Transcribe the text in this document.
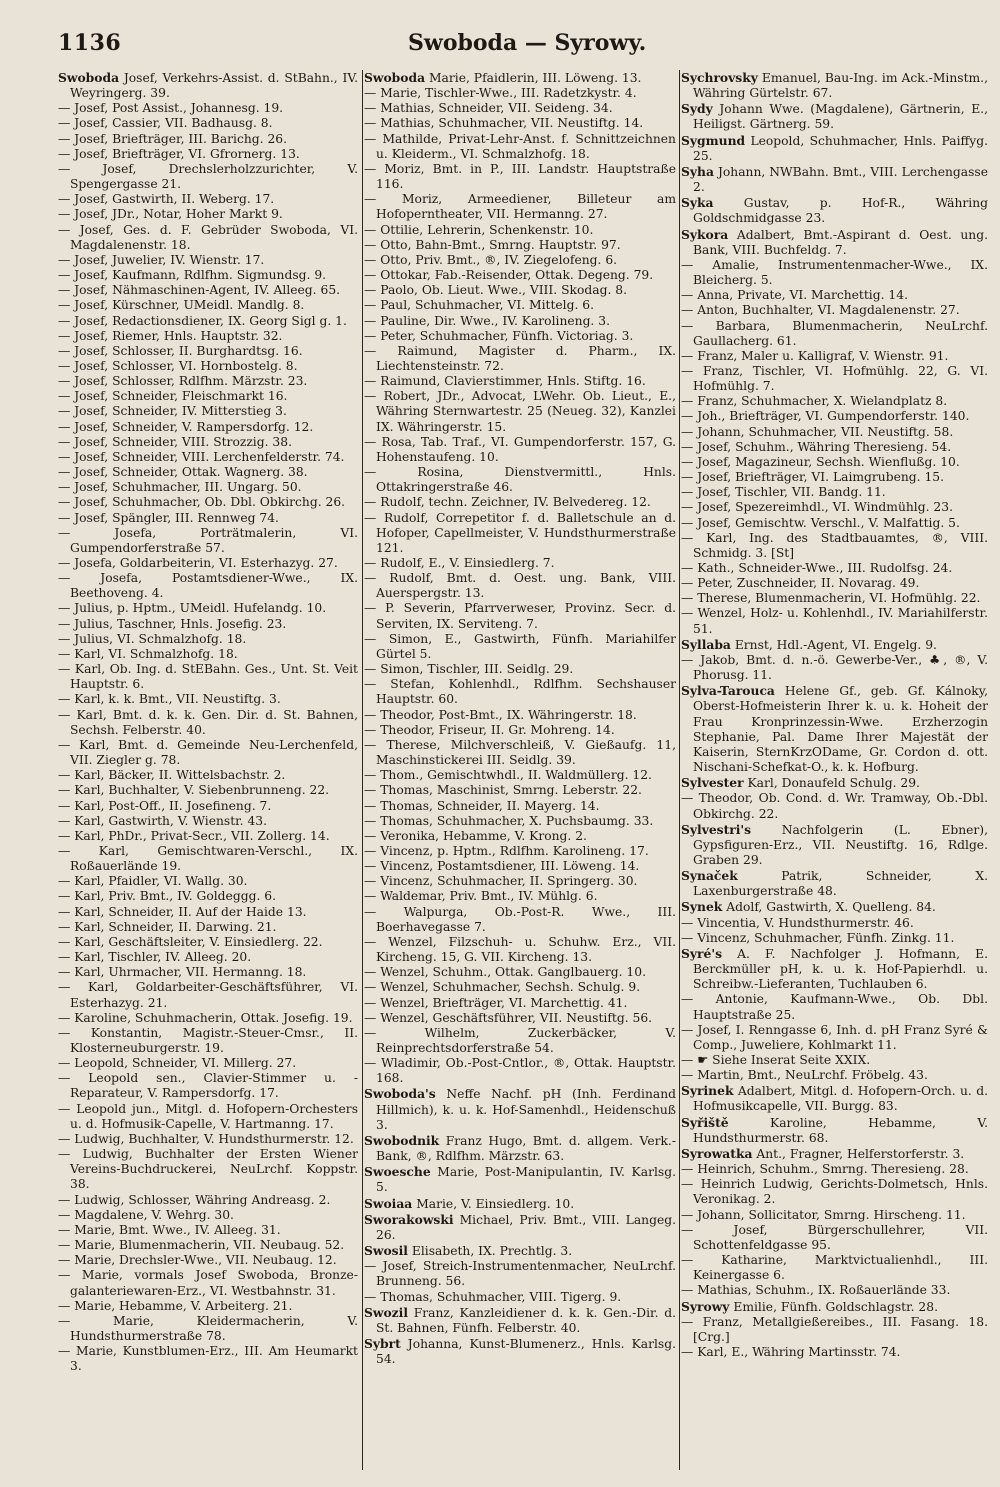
1136	Swoboda — Syrowy.

Swoboda Josef, Verkehrs-Assist. d. StBahn., IV. Weyringerg. 39.

— Josef, Post Assist., Johannesg. 19.

— Josef, Cassier, VII. Badhausg. 8.

— Josef, Briefträger, III. Barichg. 26.

— Josef, Briefträger, VI. Gfrornerg. 13.

— Josef, Drechslerholzzurichter, V. Spengergasse 21.

— Josef, Gastwirth, II. Weberg. 17.

— Josef, JDr., Notar, Hoher Markt 9.

— Josef, Ges. d. F. Gebrüder Swoboda, VI. Magdalenenstr. 18.

— Josef, Juwelier, IV. Wienstr. 17.

— Josef, Kaufmann, Rdlfhm. Sigmundsg. 9.

— Josef, Nähmaschinen-Agent, IV. Alleeg. 65.

— Josef, Kürschner, UMeidl. Mandlg. 8.

— Josef, Redactionsdiener, IX. Georg Sigl g. 1.

— Josef, Riemer, Hnls. Hauptstr. 32.

— Josef, Schlosser, II. Burghardtsg. 16.

— Josef, Schlosser, VI. Hornbostelg. 8.

— Josef, Schlosser, Rdlfhm. Märzstr. 23.

— Josef, Schneider, Fleischmarkt 16.

— Josef, Schneider, IV. Mitterstieg 3.

— Josef, Schneider, V. Rampersdorfg. 12.

— Josef, Schneider, VIII. Strozzig. 38.

— Josef, Schneider, VIII. Lerchenfelderstr. 74.

— Josef, Schneider, Ottak. Wagnerg. 38.

— Josef, Schuhmacher, III. Ungarg. 50.

— Josef, Schuhmacher, Ob. Dbl. Obkirchg. 26.

— Josef, Spängler, III. Rennweg 74.

— Josefa, Porträtmalerin, VI. Gumpendorferstraße 57.

— Josefa, Goldarbeiterin, VI. Esterhazyg. 27.

— Josefa, Postamtsdiener-Wwe., IX. Beethoveng. 4.

— Julius, p. Hptm., UMeidl. Hufelandg. 10.

— Julius, Taschner, Hnls. Josefig. 23.

— Julius, VI. Schmalzhofg. 18.

— Karl, VI. Schmalzhofg. 18.

— Karl, Ob. Ing. d. StEBahn. Ges., Unt. St. Veit Hauptstr. 6.

— Karl, k. k. Bmt., VII. Neustiftg. 3.

— Karl, Bmt. d. k. k. Gen. Dir. d. St. Bahnen, Sechsh. Felberstr. 40.

— Karl, Bmt. d. Gemeinde Neu-Lerchenfeld, VII. Ziegler g. 78.

— Karl, Bäcker, II. Wittelsbachstr. 2.

— Karl, Buchhalter, V. Siebenbrunneng. 22.

— Karl, Post-Off., II. Josefineng. 7.

— Karl, Gastwirth, V. Wienstr. 43.

— Karl, PhDr., Privat-Secr., VII. Zollerg. 14.

— Karl, Gemischtwaren-Verschl., IX. Roßauerlände 19.

— Karl, Pfaidler, VI. Wallg. 30.

— Karl, Priv. Bmt., IV. Goldeggg. 6.

— Karl, Schneider, II. Auf der Haide 13.

— Karl, Schneider, II. Darwing. 21.

— Karl, Geschäftsleiter, V. Einsiedlerg. 22.

— Karl, Tischler, IV. Alleeg. 20.

— Karl, Uhrmacher, VII. Hermanng. 18.

— Karl, Goldarbeiter-Geschäftsführer, VI. Esterhazyg. 21.

— Karoline, Schuhmacherin, Ottak. Josefig. 19.

— Konstantin, Magistr.-Steuer-Cmsr., II. Klosterneuburgerstr. 19.

— Leopold, Schneider, VI. Millerg. 27.

— Leopold sen., Clavier-Stimmer u. -Reparateur, V. Rampersdorfg. 17.

— Leopold jun., Mitgl. d. Hofopern-Orchesters u. d. Hofmusik-Capelle, V. Hartmanng. 17.

— Ludwig, Buchhalter, V. Hundsthurmerstr. 12.

— Ludwig, Buchhalter der Ersten Wiener Vereins-Buchdruckerei, NeuLrchf. Koppstr. 38.

— Ludwig, Schlosser, Währing Andreasg. 2.

— Magdalene, V. Wehrg. 30.

— Marie, Bmt. Wwe., IV. Alleeg. 31.

— Marie, Blumenmacherin, VII. Neubaug. 52.

— Marie, Drechsler-Wwe., VII. Neubaug. 12.

— Marie, vormals Josef Swoboda, Bronze-galanteriewaren-Erz., VI. Westbahnstr. 31.

— Marie, Hebamme, V. Arbeiterg. 21.

— Marie, Kleidermacherin, V. Hundsthurmerstraße 78.

— Marie, Kunstblumen-Erz., III. Am Heumarkt 3.

Swoboda Marie, Pfaidlerin, III. Löweng. 13.

— Marie, Tischler-Wwe., III. Radetzkystr. 4.

— Mathias, Schneider, VII. Seideng. 34.

— Mathias, Schuhmacher, VII. Neustiftg. 14.

— Mathilde, Privat-Lehr-Anst. f. Schnittzeichnen u. Kleiderm., VI. Schmalzhofg. 18.

— Moriz, Bmt. in P., III. Landstr. Hauptstraße 116.

— Moriz, Armeediener, Billeteur am Hofoperntheater, VII. Hermanng. 27.

— Ottilie, Lehrerin, Schenkenstr. 10.

— Otto, Bahn-Bmt., Smrng. Hauptstr. 97.

— Otto, Priv. Bmt., ®, IV. Ziegelofeng. 6.

— Ottokar, Fab.-Reisender, Ottak. Degeng. 79.

— Paolo, Ob. Lieut. Wwe., VIII. Skodag. 8.

— Paul, Schuhmacher, VI. Mittelg. 6.

— Pauline, Dir. Wwe., IV. Karolineng. 3.

— Peter, Schuhmacher, Fünfh. Victoriag. 3.

— Raimund, Magister d. Pharm., IX. Liechtensteinstr. 72.

— Raimund, Clavierstimmer, Hnls. Stiftg. 16.

— Robert, JDr., Advocat, LWehr. Ob. Lieut., E., Währing Sternwartestr. 25 (Neueg. 32), Kanzlei IX. Währingerstr. 15.

— Rosa, Tab. Traf., VI. Gumpendorferstr. 157, G. Hohenstaufeng. 10.

— Rosina, Dienstvermittl., Hnls. Ottakringerstraße 46.

— Rudolf, techn. Zeichner, IV. Belvedereg. 12.

— Rudolf, Correpetitor f. d. Balletschule an d. Hofoper, Capellmeister, V. Hundsthurmerstraße 121.

— Rudolf, E., V. Einsiedlerg. 7.

— Rudolf, Bmt. d. Oest. ung. Bank, VIII. Auerspergstr. 13.

— P. Severin, Pfarrverweser, Provinz. Secr. d. Serviten, IX. Serviteng. 7.

— Simon, E., Gastwirth, Fünfh. Mariahilfer Gürtel 5.

— Simon, Tischler, III. Seidlg. 29.

— Stefan, Kohlenhdl., Rdlfhm. Sechshauser Hauptstr. 60.

— Theodor, Post-Bmt., IX. Währingerstr. 18.

— Theodor, Friseur, II. Gr. Mohreng. 14.

— Therese, Milchverschleiß, V. Gießaufg. 11, Maschinstickerei III. Seidlg. 39.

— Thom., Gemischtwhdl., II. Waldmüllerg. 12.

— Thomas, Maschinist, Smrng. Leberstr. 22.

— Thomas, Schneider, II. Mayerg. 14.

— Thomas, Schuhmacher, X. Puchsbaumg. 33.

— Veronika, Hebamme, V. Krong. 2.

— Vincenz, p. Hptm., Rdlfhm. Karolineng. 17.

— Vincenz, Postamtsdiener, III. Löweng. 14.

— Vincenz, Schuhmacher, II. Springerg. 30.

— Waldemar, Priv. Bmt., IV. Mühlg. 6.

— Walpurga, Ob.-Post-R. Wwe., III. Boerhavegasse 7.

— Wenzel, Filzschuh- u. Schuhw. Erz., VII. Kircheng. 15, G. VII. Kircheng. 13.

— Wenzel, Schuhm., Ottak. Ganglbauerg. 10.

— Wenzel, Schuhmacher, Sechsh. Schulg. 9.

— Wenzel, Briefträger, VI. Marchettig. 41.

— Wenzel, Geschäftsführer, VII. Neustiftg. 56.

— Wilhelm, Zuckerbäcker, V. Reinprechtsdorferstraße 54.

— Wladimir, Ob.-Post-Cntlor., ®, Ottak. Hauptstr. 168.

Swoboda's Neffe Nachf. pH (Inh. Ferdinand Hillmich), k. u. k. Hof-Samenhdl., Heidenschuß 3.

Swobodnik Franz Hugo, Bmt. d. allgem. Verk.-Bank, ®, Rdlfhm. Märzstr. 63.

Swoesche Marie, Post-Manipulantin, IV. Karlsg. 5.

Swoiaa Marie, V. Einsiedlerg. 10.

Sworakowski Michael, Priv. Bmt., VIII. Langeg. 26.

Swosil Elisabeth, IX. Prechtlg. 3.

— Josef, Streich-Instrumentenmacher, NeuLrchf. Brunneng. 56.

— Thomas, Schuhmacher, VIII. Tigerg. 9.

Swozil Franz, Kanzleidiener d. k. k. Gen.-Dir. d. St. Bahnen, Fünfh. Felberstr. 40.

Sybrt Johanna, Kunst-Blumenerz., Hnls. Karlsg. 54.

Sychrovsky Emanuel, Bau-Ing. im Ack.-Minstm., Währing Gürtelstr. 67.

Sydy Johann Wwe. (Magdalene), Gärtnerin, E., Heiligst. Gärtnerg. 59.

Sygmund Leopold, Schuhmacher, Hnls. Paiffyg. 25.

Syha Johann, NWBahn. Bmt., VIII. Lerchengasse 2.

Syka Gustav, p. Hof-R., Währing Goldschmidgasse 23.

Sykora Adalbert, Bmt.-Aspirant d. Oest. ung. Bank, VIII. Buchfeldg. 7.

— Amalie, Instrumentenmacher-Wwe., IX. Bleicherg. 5.

— Anna, Private, VI. Marchettig. 14.

— Anton, Buchhalter, VI. Magdalenenstr. 27.

— Barbara, Blumenmacherin, NeuLrchf. Gaullacherg. 61.

— Franz, Maler u. Kalligraf, V. Wienstr. 91.

— Franz, Tischler, VI. Hofmühlg. 22, G. VI. Hofmühlg. 7.

— Franz, Schuhmacher, X. Wielandplatz 8.

— Joh., Briefträger, VI. Gumpendorferstr. 140.

— Johann, Schuhmacher, VII. Neustiftg. 58.

— Josef, Schuhm., Währing Theresieng. 54.

— Josef, Magazineur, Sechsh. Wienflußg. 10.

— Josef, Briefträger, VI. Laimgrubeng. 15.

— Josef, Tischler, VII. Bandg. 11.

— Josef, Spezereimhdl., VI. Windmühlg. 23.

— Josef, Gemischtw. Verschl., V. Malfattig. 5.

— Karl, Ing. des Stadtbauamtes, ®, VIII. Schmidg. 3. [St]

— Kath., Schneider-Wwe., III. Rudolfsg. 24.

— Peter, Zuschneider, II. Novarag. 49.

— Therese, Blumenmacherin, VI. Hofmühlg. 22.

— Wenzel, Holz- u. Kohlenhdl., IV. Mariahilferstr. 51.

Syllaba Ernst, Hdl.-Agent, VI. Engelg. 9.

— Jakob, Bmt. d. n.-ö. Gewerbe-Ver., ♣, ®, V. Phorusg. 11.

Sylva-Tarouca Helene Gf., geb. Gf. Kálnoky, Oberst-Hofmeisterin Ihrer k. u. k. Hoheit der Frau Kronprinzessin-Wwe. Erzherzogin Stephanie, Pal. Dame Ihrer Majestät der Kaiserin, SternKrzODame, Gr. Cordon d. ott. Nischani-Schefkat-O., k. k. Hofburg.

Sylvester Karl, Donaufeld Schulg. 29.

— Theodor, Ob. Cond. d. Wr. Tramway, Ob.-Dbl. Obkirchg. 22.

Sylvestri's Nachfolgerin (L. Ebner), Gypsfiguren-Erz., VII. Neustiftg. 16, Rdlge. Graben 29.

Synaček	Patrik, Schneider, X. Laxenburgerstraße 48.

Synek Adolf, Gastwirth, X. Quelleng. 84.

— Vincentia, V. Hundsthurmerstr. 46.

— Vincenz, Schuhmacher, Fünfh. Zinkg. 11.

Syré's A. F. Nachfolger J. Hofmann, E. Berckmüller pH, k. u. k. Hof-Papierhdl. u. Schreibw.-Lieferanten, Tuchlauben 6.

— Antonie, Kaufmann-Wwe., Ob. Dbl. Hauptstraße 25.

— Josef, I. Renngasse 6, Inh. d. pH Franz Syré & Comp., Juweliere, Kohlmarkt 11.

— ☛ Siehe Inserat Seite XXIX.

— Martin, Bmt., NeuLrchf. Fröbelg. 43.

Syrinek Adalbert, Mitgl. d. Hofopern-Orch. u. d. Hofmusikcapelle, VII. Burgg. 83.

Syřiště	Karoline, Hebamme, V. Hundsthurmerstr. 68.

Syrowatka Ant., Fragner, Helferstorferstr. 3.

— Heinrich, Schuhm., Smrng. Theresieng. 28.

— Heinrich Ludwig, Gerichts-Dolmetsch, Hnls. Veronikag. 2.

— Johann, Sollicitator, Smrng. Hirscheng. 11.

— Josef, Bürgerschullehrer, VII. Schottenfeldgasse 95.

— Katharine, Marktvictualienhdl., III. Keinergasse 6.

— Mathias, Schuhm., IX. Roßauerlände 33.

Syrowy Emilie, Fünfh. Goldschlagstr. 28.

— Franz, Metallgießereibes., III. Fasang. 18. [Crg.]

— Karl, E., Währing Martinsstr. 74.
